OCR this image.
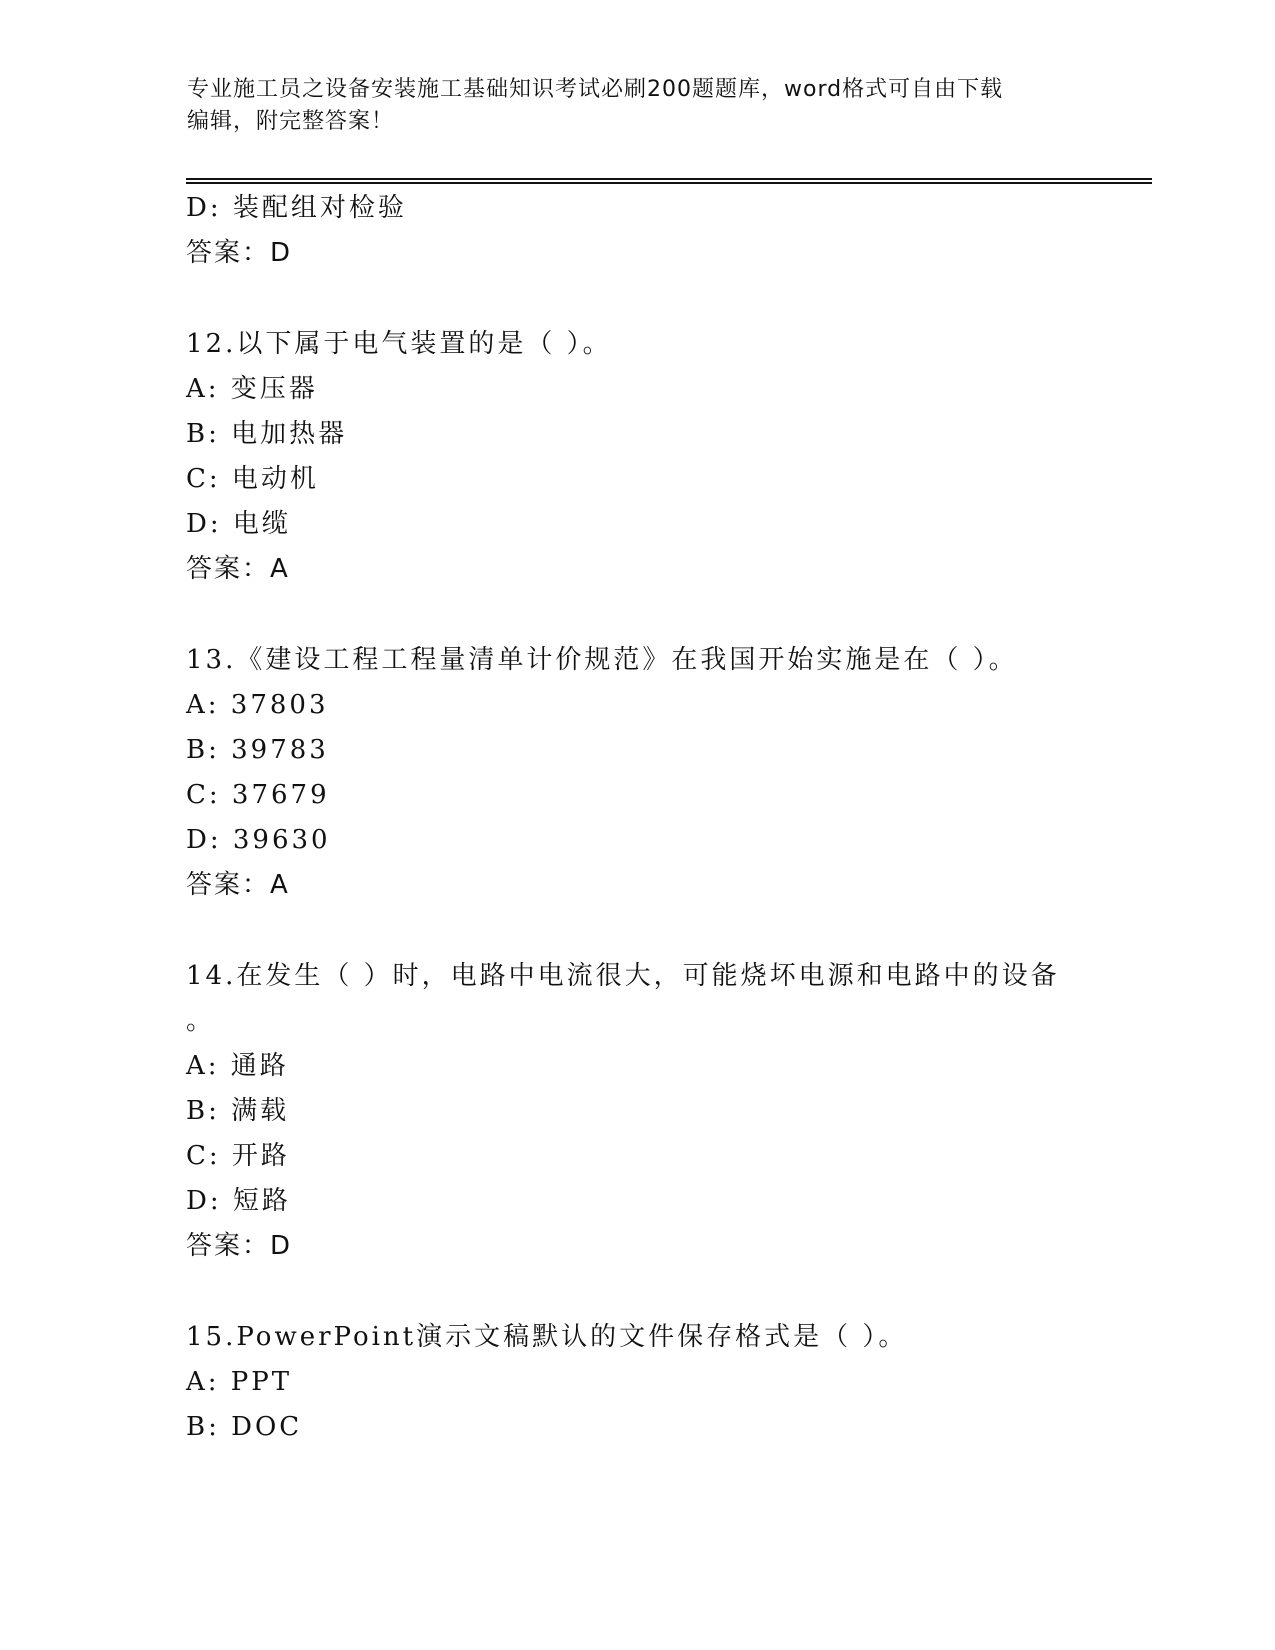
专业施工员之设备安装施工基础知识考试必刷200题题库，word格式可自由下载
编辑，附完整答案！
D: 装配组对检验
答案：D
12.以下属于电气装置的是（ ）。
A: 变压器
B: 电加热器
C: 电动机
D: 电缆
答案：A
13.《建设工程工程量清单计价规范》在我国开始实施是在（ ）。
A: 37803
B: 39783
C: 37679
D: 39630
答案：A
14.在发生（ ）时，电路中电流很大，可能烧坏电源和电路中的设备
。
A: 通路
B: 满载
C: 开路
D: 短路
答案：D
15.PowerPoint演示文稿默认的文件保存格式是（ ）。
A: PPT
B: DOC
